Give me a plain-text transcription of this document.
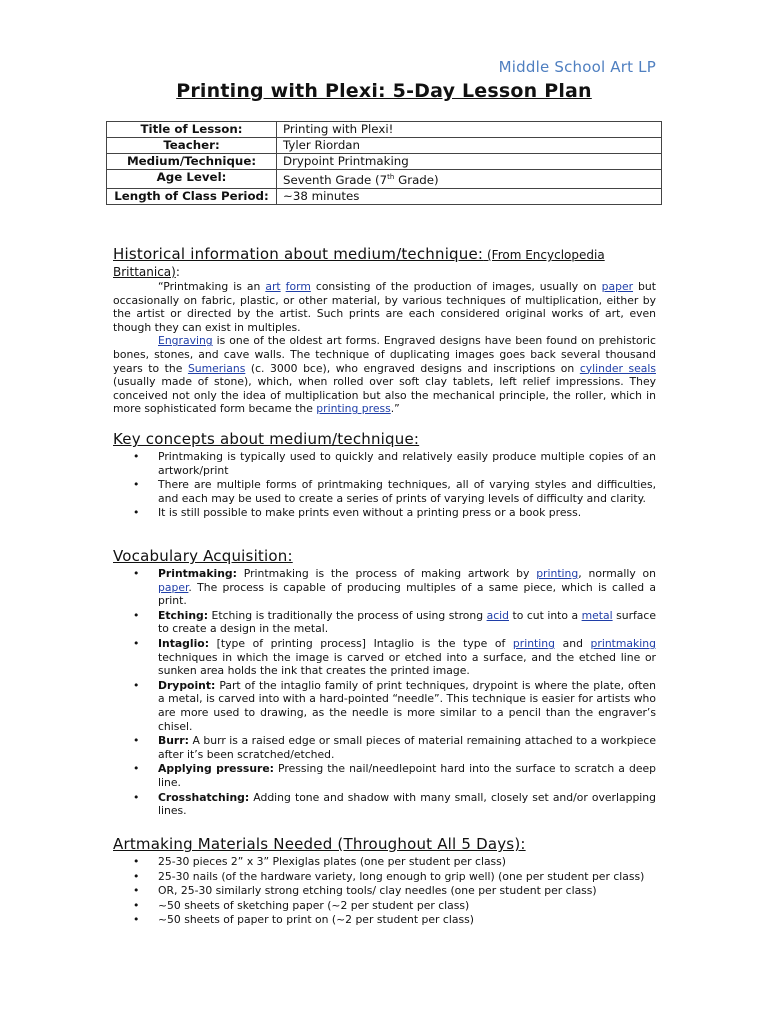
Middle School Art LP
Printing with Plexi: 5-Day Lesson Plan
Title of Lesson:	Printing with Plexi!
Teacher:	Tyler Riordan
Medium/Technique:	Drypoint Printmaking
Age Level:	Seventh Grade (7th Grade)
Length of Class Period:	~38 minutes
Historical information about medium/technique: (From Encyclopedia Brittanica):

“Printmaking is an art form consisting of the production of images, usually on paper but occasionally on fabric, plastic, or other material, by various techniques of multiplication, either by the artist or directed by the artist. Such prints are each considered original works of art, even though they can exist in multiples.

Engraving is one of the oldest art forms. Engraved designs have been found on prehistoric bones, stones, and cave walls. The technique of duplicating images goes back several thousand years to the Sumerians (c. 3000 bce), who engraved designs and inscriptions on cylinder seals (usually made of stone), which, when rolled over soft clay tablets, left relief impressions. They conceived not only the idea of multiplication but also the mechanical principle, the roller, which in more sophisticated form became the printing press.”

Key concepts about medium/technique:
• Printmaking is typically used to quickly and relatively easily produce multiple copies of an artwork/print
• There are multiple forms of printmaking techniques, all of varying styles and difficulties, and each may be used to create a series of prints of varying levels of difficulty and clarity.
• It is still possible to make prints even without a printing press or a book press.
Vocabulary Acquisition:
• Printmaking: Printmaking is the process of making artwork by printing, normally on paper. The process is capable of producing multiples of a same piece, which is called a print.
• Etching: Etching is traditionally the process of using strong acid to cut into a metal surface to create a design in the metal.
• Intaglio: [type of printing process] Intaglio is the type of printing and printmaking techniques in which the image is carved or etched into a surface, and the etched line or sunken area holds the ink that creates the printed image.
• Drypoint: Part of the intaglio family of print techniques, drypoint is where the plate, often a metal, is carved into with a hard-pointed “needle”. This technique is easier for artists who are more used to drawing, as the needle is more similar to a pencil than the engraver’s chisel.
• Burr: A burr is a raised edge or small pieces of material remaining attached to a workpiece after it’s been scratched/etched.
• Applying pressure: Pressing the nail/needlepoint hard into the surface to scratch a deep line.
• Crosshatching: Adding tone and shadow with many small, closely set and/or overlapping lines.
Artmaking Materials Needed (Throughout All 5 Days):
• 25-30 pieces 2” x 3” Plexiglas plates (one per student per class)
• 25-30 nails (of the hardware variety, long enough to grip well) (one per student per class)
• OR, 25-30 similarly strong etching tools/ clay needles (one per student per class)
• ~50 sheets of sketching paper (~2 per student per class)
• ~50 sheets of paper to print on (~2 per student per class)
